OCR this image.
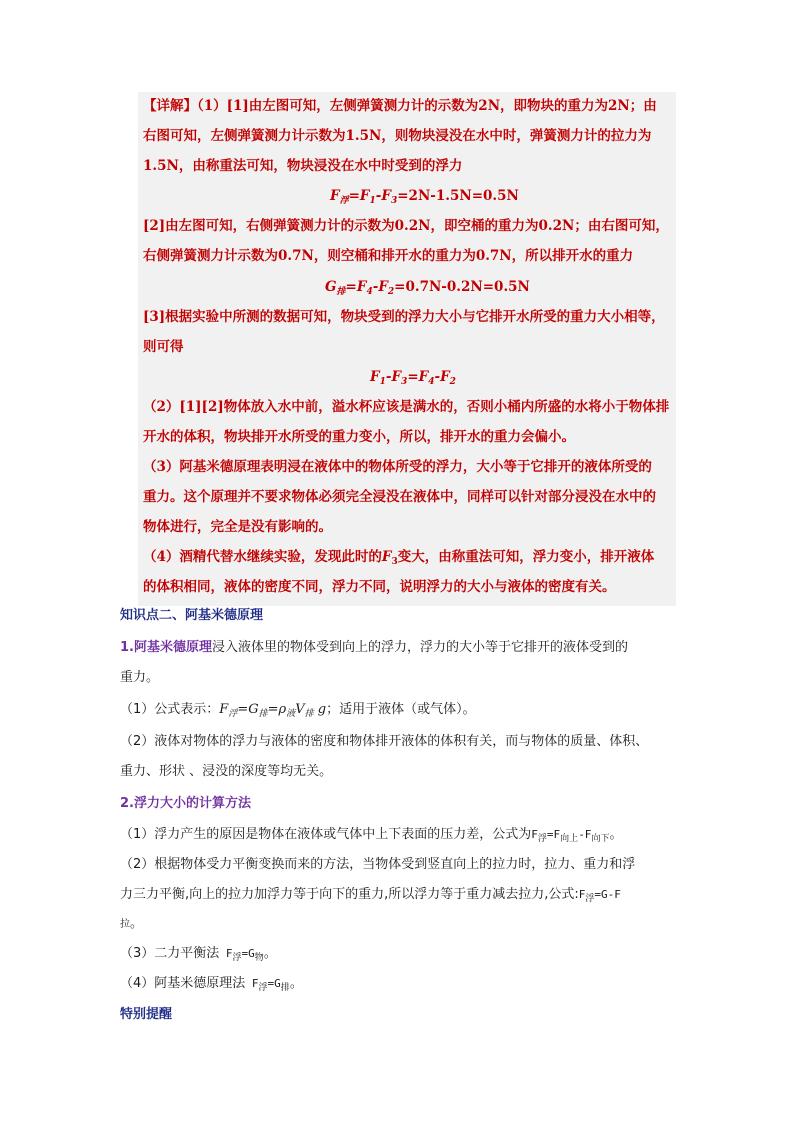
【详解】（1）[1]由左图可知，左侧弹簧测力计的示数为2N，即物块的重力为2N；由
右图可知，左侧弹簧测力计示数为1.5N，则物块浸没在水中时，弹簧测力计的拉力为
1.5N，由称重法可知，物块浸没在水中时受到的浮力
$F_浮=F_1-F_3=2N-1.5N=0.5N$
[2]由左图可知，右侧弹簧测力计的示数为0.2N，即空桶的重力为0.2N；由右图可知，
右侧弹簧测力计示数为0.7N，则空桶和排开水的重力为0.7N，所以排开水的重力
$G_排=F_4-F_2=0.7N-0.2N=0.5N$
[3]根据实验中所测的数据可知，物块受到的浮力大小与它排开水所受的重力大小相等，
则可得
$F_1-F_3=F_4-F_2$
（2）[1][2]物体放入水中前，溢水杯应该是满水的，否则小桶内所盛的水将小于物体排
开水的体积，物块排开水所受的重力变小，所以，排开水的重力会偏小。
（3）阿基米德原理表明浸在液体中的物体所受的浮力，大小等于它排开的液体所受的
重力。这个原理并不要求物体必须完全浸没在液体中，同样可以针对部分浸没在水中的
物体进行，完全是没有影响的。
（4）酒精代替水继续实验，发现此时的$F_3$变大，由称重法可知，浮力变小，排开液体
的体积相同，液体的密度不同，浮力不同，说明浮力的大小与液体的密度有关。
知识点二、阿基米德原理
1.阿基米德原理浸入液体里的物体受到向上的浮力，浮力的大小等于它排开的液体受到的
重力。
（1）公式表示：$F_浮=G_排=\rho_液V_排$ g；适用于液体（或气体）。
（2）液体对物体的浮力与液体的密度和物体排开液体的体积有关，而与物体的质量、体积、
重力、形状 、浸没的深度等均无关。
2.浮力大小的计算方法
（1）浮力产生的原因是物体在液体或气体中上下表面的压力差，公式为$F_浮=F_{向上}-F_{向下}$。
（2）根据物体受力平衡变换而来的方法，当物体受到竖直向上的拉力时，拉力、重力和浮
力三力平衡,向上的拉力加浮力等于向下的重力,所以浮力等于重力减去拉力,公式$:F_浮=G-F$
拉。
（3）二力平衡法 $F_浮=G_物$。
（4）阿基米德原理法 $F_浮=G_排$。
特别提醒
